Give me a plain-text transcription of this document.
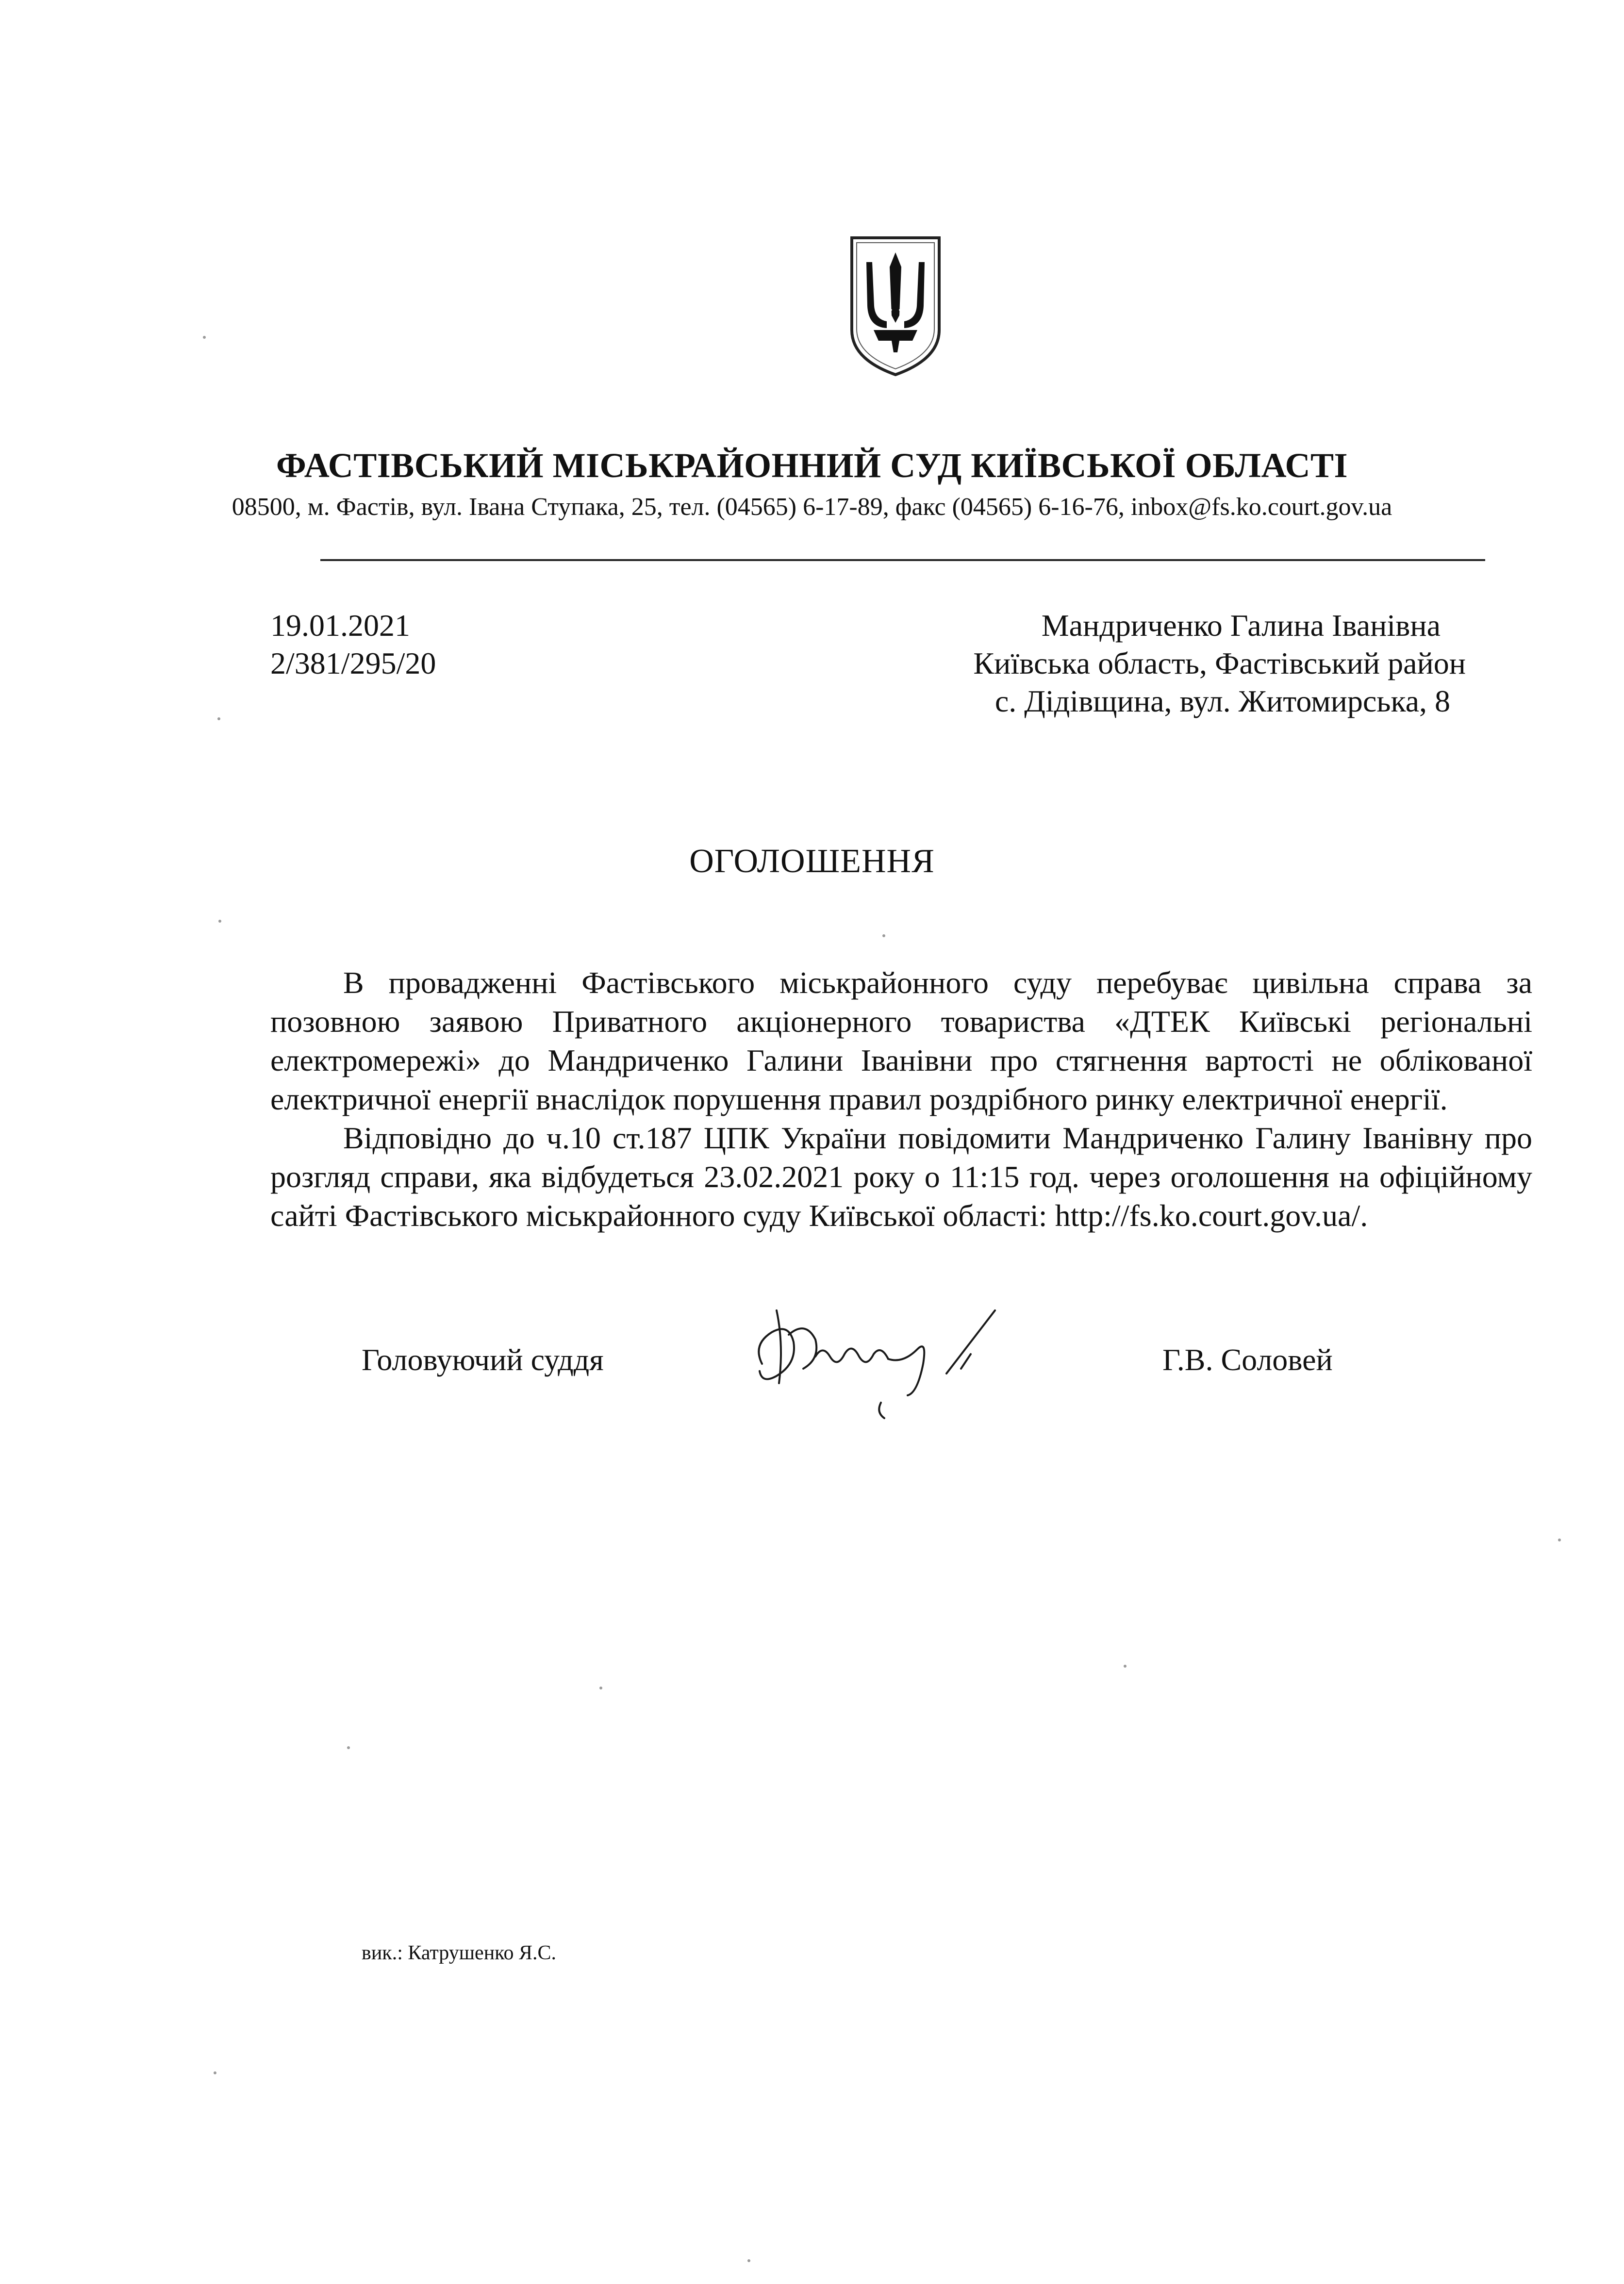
ФАСТІВСЬКИЙ МІСЬКРАЙОННИЙ СУД КИЇВСЬКОЇ ОБЛАСТІ
08500, м. Фастів, вул. Івана Ступака, 25, тел. (04565) 6-17-89, факс (04565) 6-16-76, inbox@fs.ko.court.gov.ua
19.01.2021
2/381/295/20
Мандриченко Галина Іванівна
Київська область, Фастівський район
с. Дідівщина, вул. Житомирська, 8
ОГОЛОШЕННЯ
В провадженні Фастівського міськрайонного суду перебуває цивільна справа за позовною заявою Приватного акціонерного товариства «ДТЕК Київські регіональні електромережі» до Мандриченко Галини Іванівни про стягнення вартості не облікованої електричної енергії внаслідок порушення правил роздрібного ринку електричної енергії.
Відповідно до ч.10 ст.187 ЦПК України повідомити Мандриченко Галину Іванівну про розгляд справи, яка відбудеться 23.02.2021 року о 11:15 год. через оголошення на офіційному сайті Фастівського міськрайонного суду Київської області: http://fs.ko.court.gov.ua/.
Головуючий суддя	Г.В. Соловей
вик.: Катрушенко Я.С.
